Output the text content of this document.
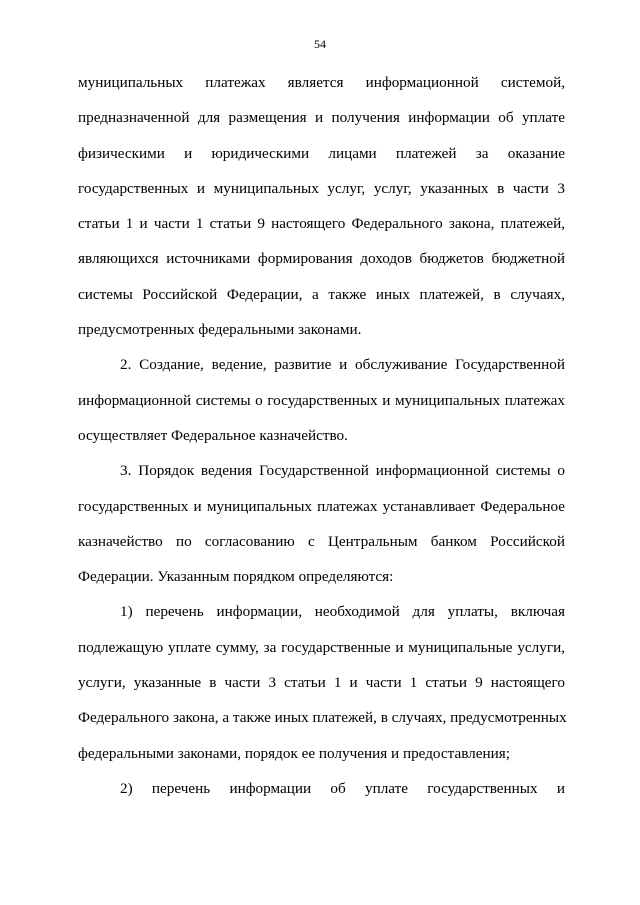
54
муниципальных платежах является информационной системой,
предназначенной для размещения и получения информации об уплате
физическими и юридическими лицами платежей за оказание
государственных и муниципальных услуг, услуг, указанных в части 3
статьи 1 и части 1 статьи 9 настоящего Федерального закона, платежей,
являющихся источниками формирования доходов бюджетов бюджетной
системы Российской Федерации, а также иных платежей, в случаях,
предусмотренных федеральными законами.
2. Создание, ведение, развитие и обслуживание Государственной
информационной системы о государственных и муниципальных платежах
осуществляет Федеральное казначейство.
3. Порядок ведения Государственной информационной системы о
государственных и муниципальных платежах устанавливает Федеральное
казначейство по согласованию с Центральным банком Российской
Федерации. Указанным порядком определяются:
1) перечень информации, необходимой для уплаты, включая
подлежащую уплате сумму, за государственные и муниципальные услуги,
услуги, указанные в части 3 статьи 1 и части 1 статьи 9 настоящего
Федерального закона, а также иных платежей, в случаях, предусмотренных
федеральными законами, порядок ее получения и предоставления;
2) перечень информации об уплате государственных и
